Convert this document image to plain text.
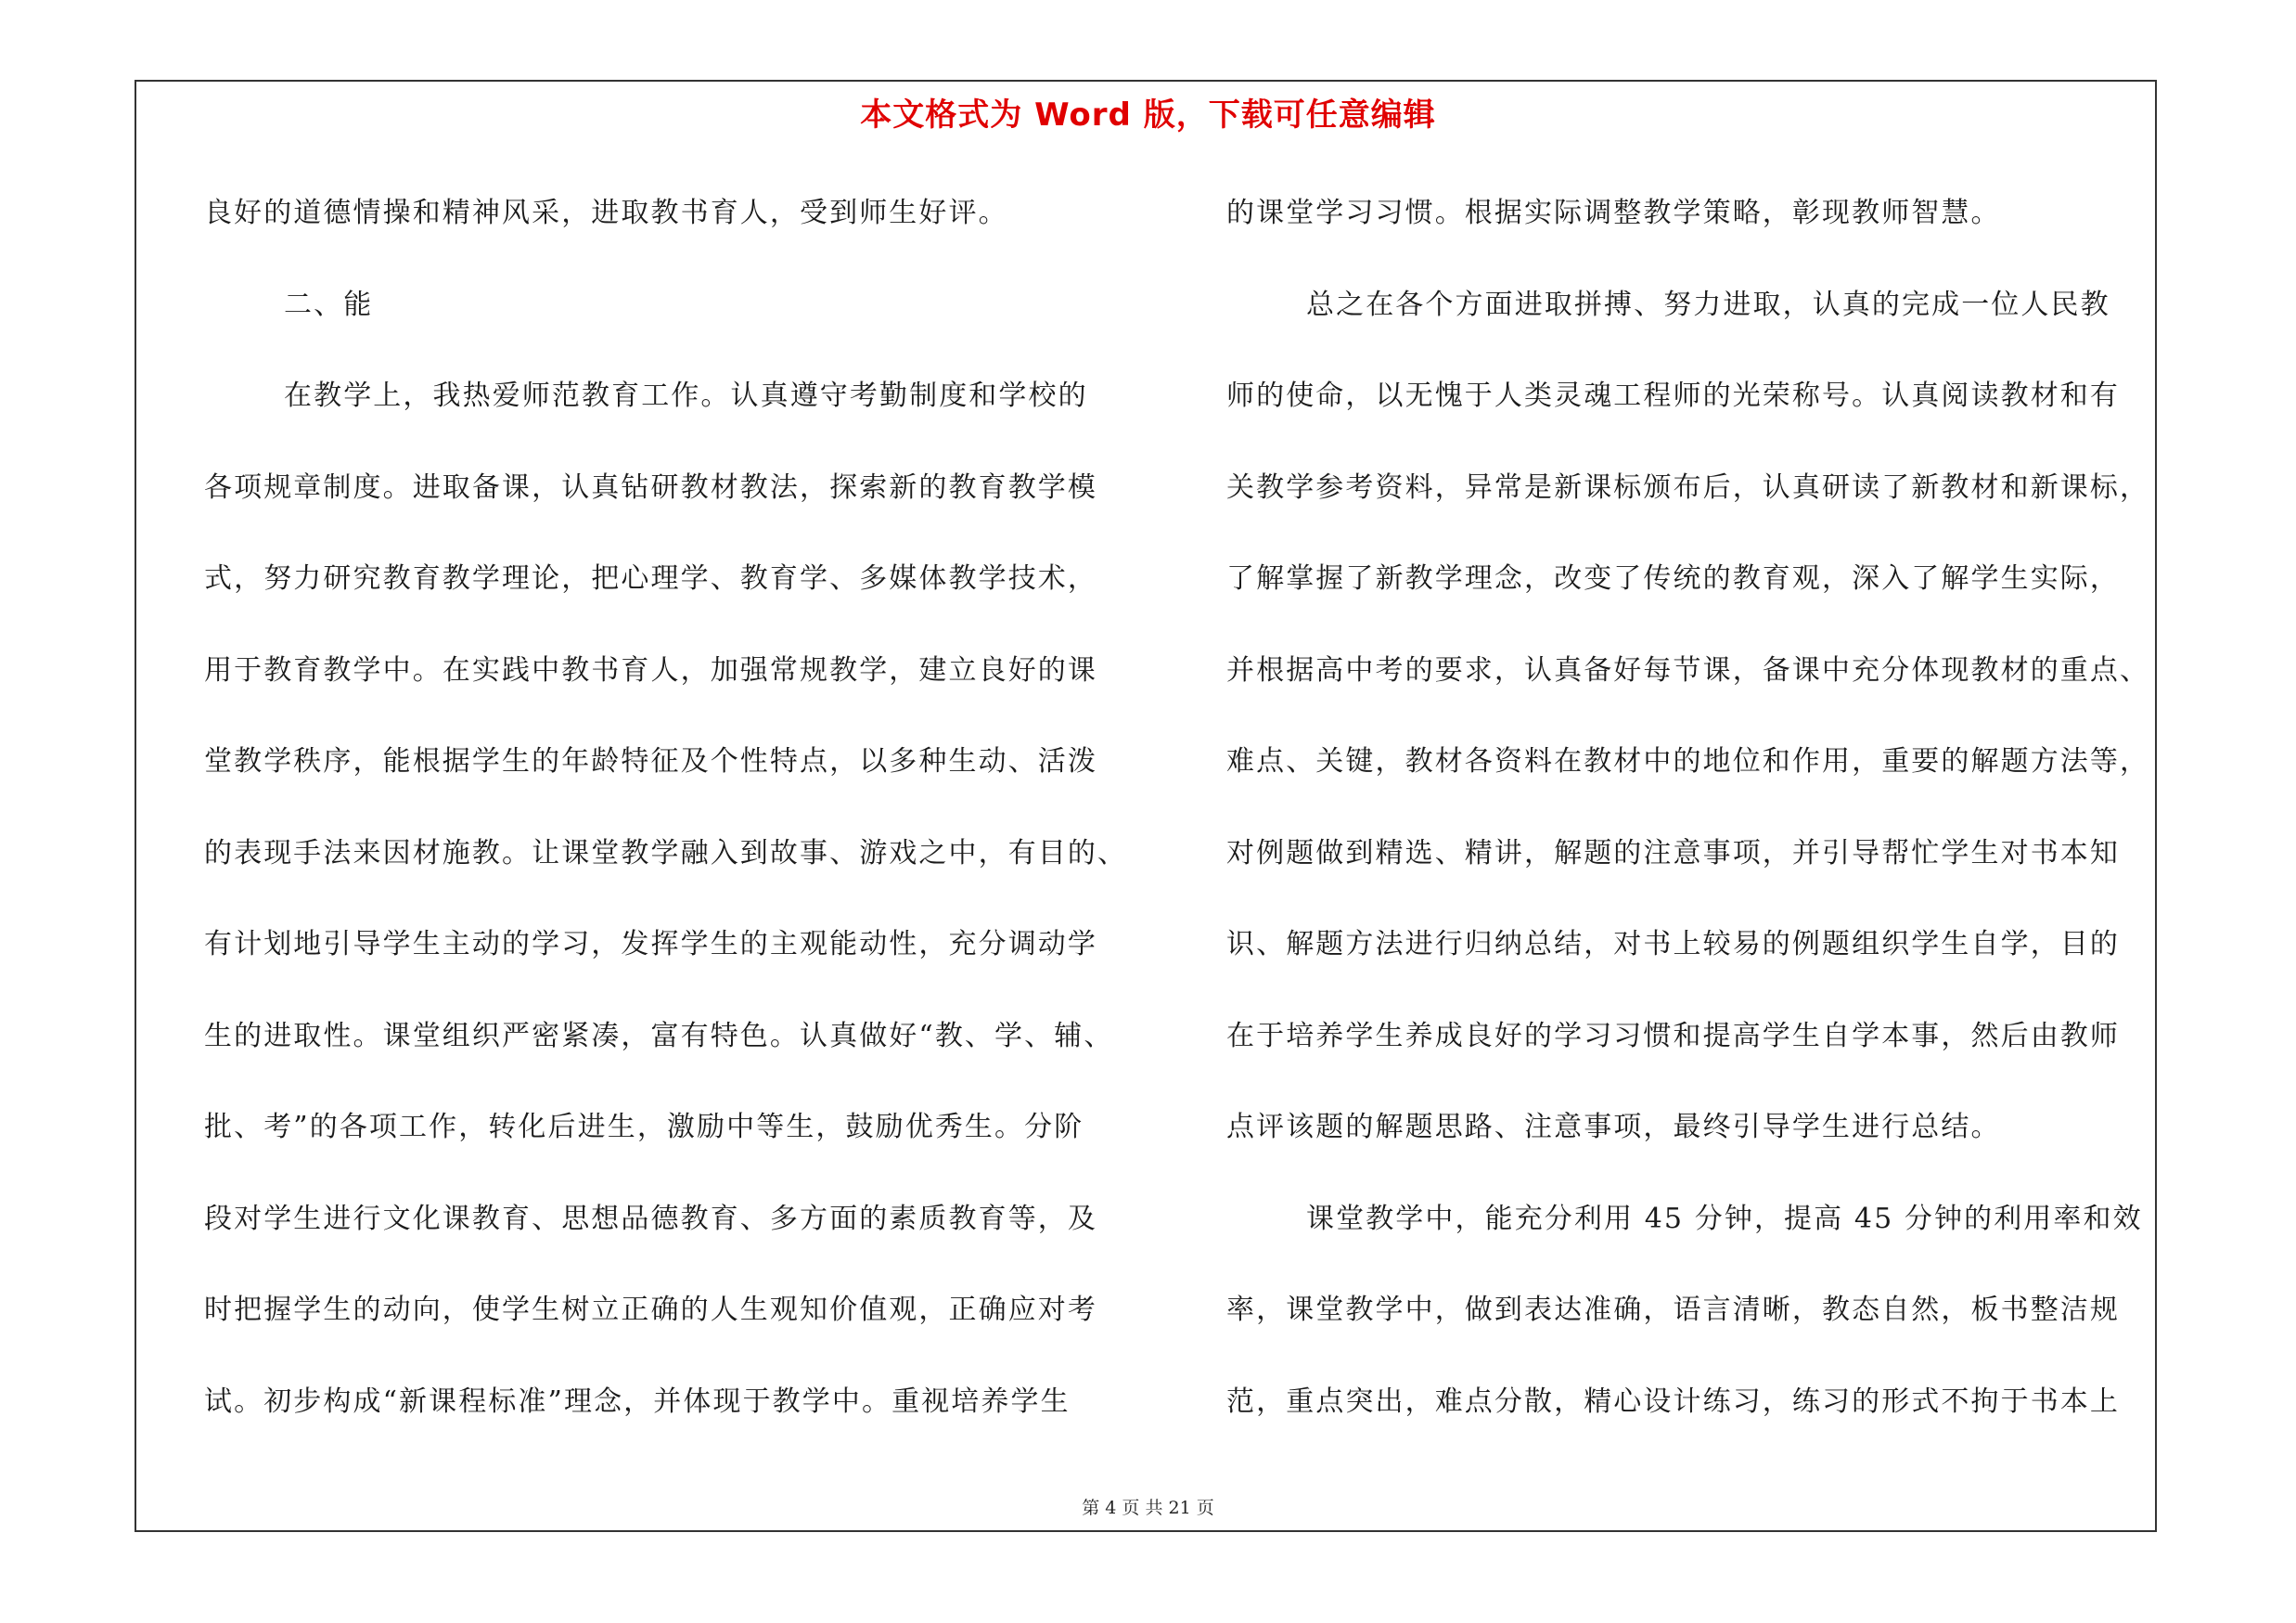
本文格式为 Word 版，下载可任意编辑
良好的道德情操和精神风采，进取教书育人，受到师生好评。
二、能
在教学上，我热爱师范教育工作。认真遵守考勤制度和学校的
各项规章制度。进取备课，认真钻研教材教法，探索新的教育教学模
式，努力研究教育教学理论，把心理学、教育学、多媒体教学技术，
用于教育教学中。在实践中教书育人，加强常规教学，建立良好的课
堂教学秩序，能根据学生的年龄特征及个性特点，以多种生动、活泼
的表现手法来因材施教。让课堂教学融入到故事、游戏之中，有目的、
有计划地引导学生主动的学习，发挥学生的主观能动性，充分调动学
生的进取性。课堂组织严密紧凑，富有特色。认真做好“教、学、辅、
批、考”的各项工作，转化后进生，激励中等生，鼓励优秀生。分阶
段对学生进行文化课教育、思想品德教育、多方面的素质教育等，及
时把握学生的动向，使学生树立正确的人生观知价值观，正确应对考
试。初步构成“新课程标准”理念，并体现于教学中。重视培养学生
的课堂学习习惯。根据实际调整教学策略，彰现教师智慧。
总之在各个方面进取拼搏、努力进取，认真的完成一位人民教
师的使命，以无愧于人类灵魂工程师的光荣称号。认真阅读教材和有
关教学参考资料，异常是新课标颁布后，认真研读了新教材和新课标，
了解掌握了新教学理念，改变了传统的教育观，深入了解学生实际，
并根据高中考的要求，认真备好每节课，备课中充分体现教材的重点、
难点、关键，教材各资料在教材中的地位和作用，重要的解题方法等，
对例题做到精选、精讲，解题的注意事项，并引导帮忙学生对书本知
识、解题方法进行归纳总结，对书上较易的例题组织学生自学，目的
在于培养学生养成良好的学习习惯和提高学生自学本事，然后由教师
点评该题的解题思路、注意事项，最终引导学生进行总结。
课堂教学中，能充分利用 45 分钟，提高 45 分钟的利用率和效
率，课堂教学中，做到表达准确，语言清晰，教态自然，板书整洁规
范，重点突出，难点分散，精心设计练习，练习的形式不拘于书本上
第 4 页 共 21 页
